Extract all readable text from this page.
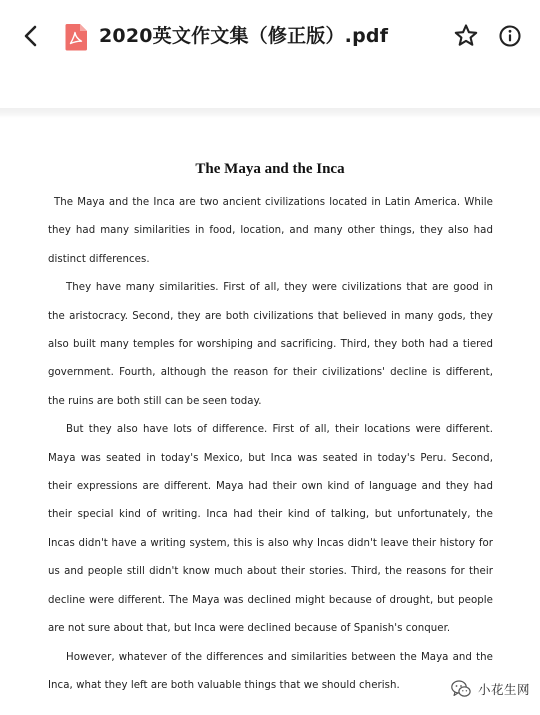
2020英文作文集（修正版）.pdf
The Maya and the Inca

The Maya and the Inca are two ancient civilizations located in Latin America. While they had many similarities in food, location, and many other things, they also had distinct differences.

They have many similarities. First of all, they were civilizations that are good in the aristocracy. Second, they are both civilizations that believed in many gods, they also built many temples for worshiping and sacrificing. Third, they both had a tiered government. Fourth, although the reason for their civilizations' decline is different, the ruins are both still can be seen today.

But they also have lots of difference. First of all, their locations were different. Maya was seated in today's Mexico, but Inca was seated in today's Peru. Second, their expressions are different. Maya had their own kind of language and they had their special kind of writing. Inca had their kind of talking, but unfortunately, the Incas didn't have a writing system, this is also why Incas didn't leave their history for us and people still didn't know much about their stories. Third, the reasons for their decline were different. The Maya was declined might because of drought, but people are not sure about that, but Inca were declined because of Spanish's conquer.

However, whatever of the differences and similarities between the Maya and the Inca, what they left are both valuable things that we should cherish.	小花生网
